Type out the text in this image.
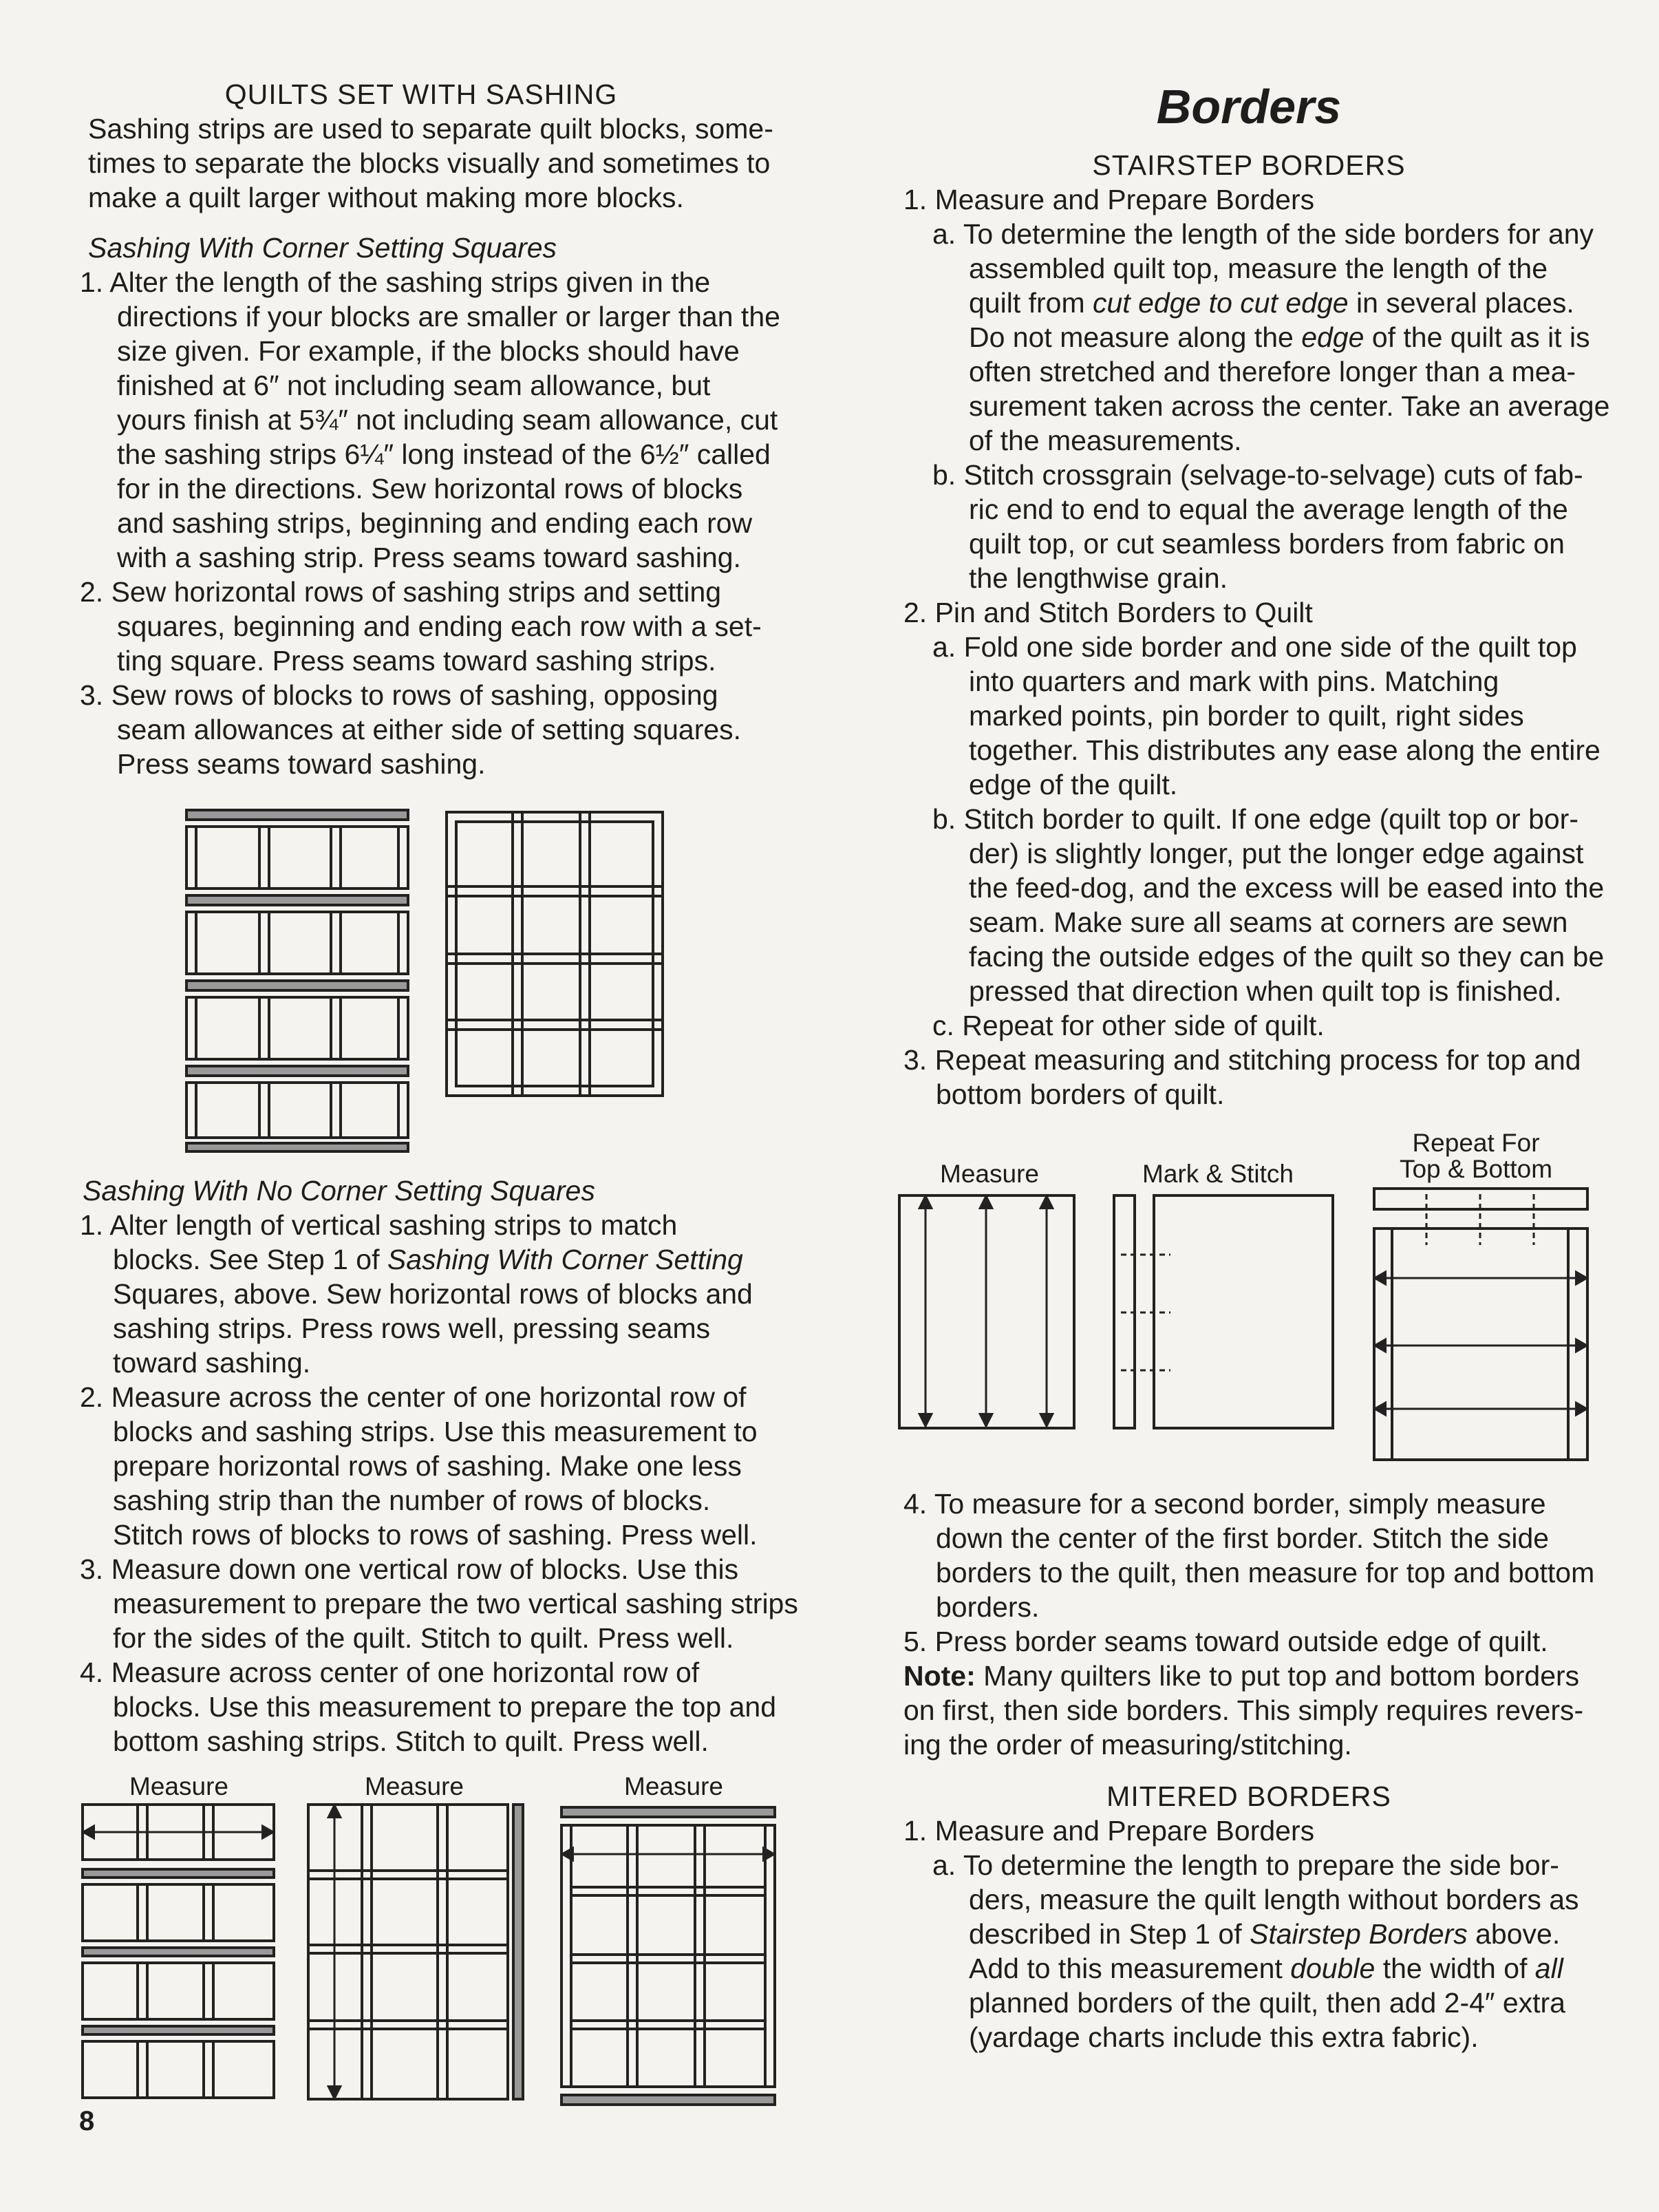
QUILTS SET WITH SASHING

Sashing strips are used to separate quilt blocks, some-

times to separate the blocks visually and sometimes to

make a quilt larger without making more blocks.

Sashing With Corner Setting Squares

1. Alter the length of the sashing strips given in the

directions if your blocks are smaller or larger than the

size given. For example, if the blocks should have

finished at 6″ not including seam allowance, but

yours finish at 5¾″ not including seam allowance, cut

the sashing strips 6¼″ long instead of the 6½″ called

for in the directions. Sew horizontal rows of blocks

and sashing strips, beginning and ending each row

with a sashing strip. Press seams toward sashing.

2. Sew horizontal rows of sashing strips and setting

squares, beginning and ending each row with a set-

ting square. Press seams toward sashing strips.

3. Sew rows of blocks to rows of sashing, opposing

seam allowances at either side of setting squares.

Press seams toward sashing.

Sashing With No Corner Setting Squares

1. Alter length of vertical sashing strips to match

blocks. See Step 1 of Sashing With Corner Setting

Squares, above. Sew horizontal rows of blocks and

sashing strips. Press rows well, pressing seams

toward sashing.

2. Measure across the center of one horizontal row of

blocks and sashing strips. Use this measurement to

prepare horizontal rows of sashing. Make one less

sashing strip than the number of rows of blocks.

Stitch rows of blocks to rows of sashing. Press well.

3. Measure down one vertical row of blocks. Use this

measurement to prepare the two vertical sashing strips

for the sides of the quilt. Stitch to quilt. Press well.

4. Measure across center of one horizontal row of

blocks. Use this measurement to prepare the top and

bottom sashing strips. Stitch to quilt. Press well.

Measure	Measure	Measure
8

Borders

STAIRSTEP BORDERS

1. Measure and Prepare Borders

a. To determine the length of the side borders for any

assembled quilt top, measure the length of the

quilt from cut edge to cut edge in several places.

Do not measure along the edge of the quilt as it is

often stretched and therefore longer than a mea-

surement taken across the center. Take an average

of the measurements.

b. Stitch crossgrain (selvage-to-selvage) cuts of fab-

ric end to end to equal the average length of the

quilt top, or cut seamless borders from fabric on

the lengthwise grain.

2. Pin and Stitch Borders to Quilt

a. Fold one side border and one side of the quilt top

into quarters and mark with pins. Matching

marked points, pin border to quilt, right sides

together. This distributes any ease along the entire

edge of the quilt.

b. Stitch border to quilt. If one edge (quilt top or bor-

der) is slightly longer, put the longer edge against

the feed-dog, and the excess will be eased into the

seam. Make sure all seams at corners are sewn

facing the outside edges of the quilt so they can be

pressed that direction when quilt top is finished.

c. Repeat for other side of quilt.

3. Repeat measuring and stitching process for top and

bottom borders of quilt.

Measure	Mark & Stitch
Repeat For
Top & Bottom

4. To measure for a second border, simply measure

down the center of the first border. Stitch the side

borders to the quilt, then measure for top and bottom

borders.

5. Press border seams toward outside edge of quilt.

Note: Many quilters like to put top and bottom borders

on first, then side borders. This simply requires revers-

ing the order of measuring/stitching.

MITERED BORDERS

1. Measure and Prepare Borders

a. To determine the length to prepare the side bor-

ders, measure the quilt length without borders as

described in Step 1 of Stairstep Borders above.

Add to this measurement double the width of all

planned borders of the quilt, then add 2-4″ extra

(yardage charts include this extra fabric).
